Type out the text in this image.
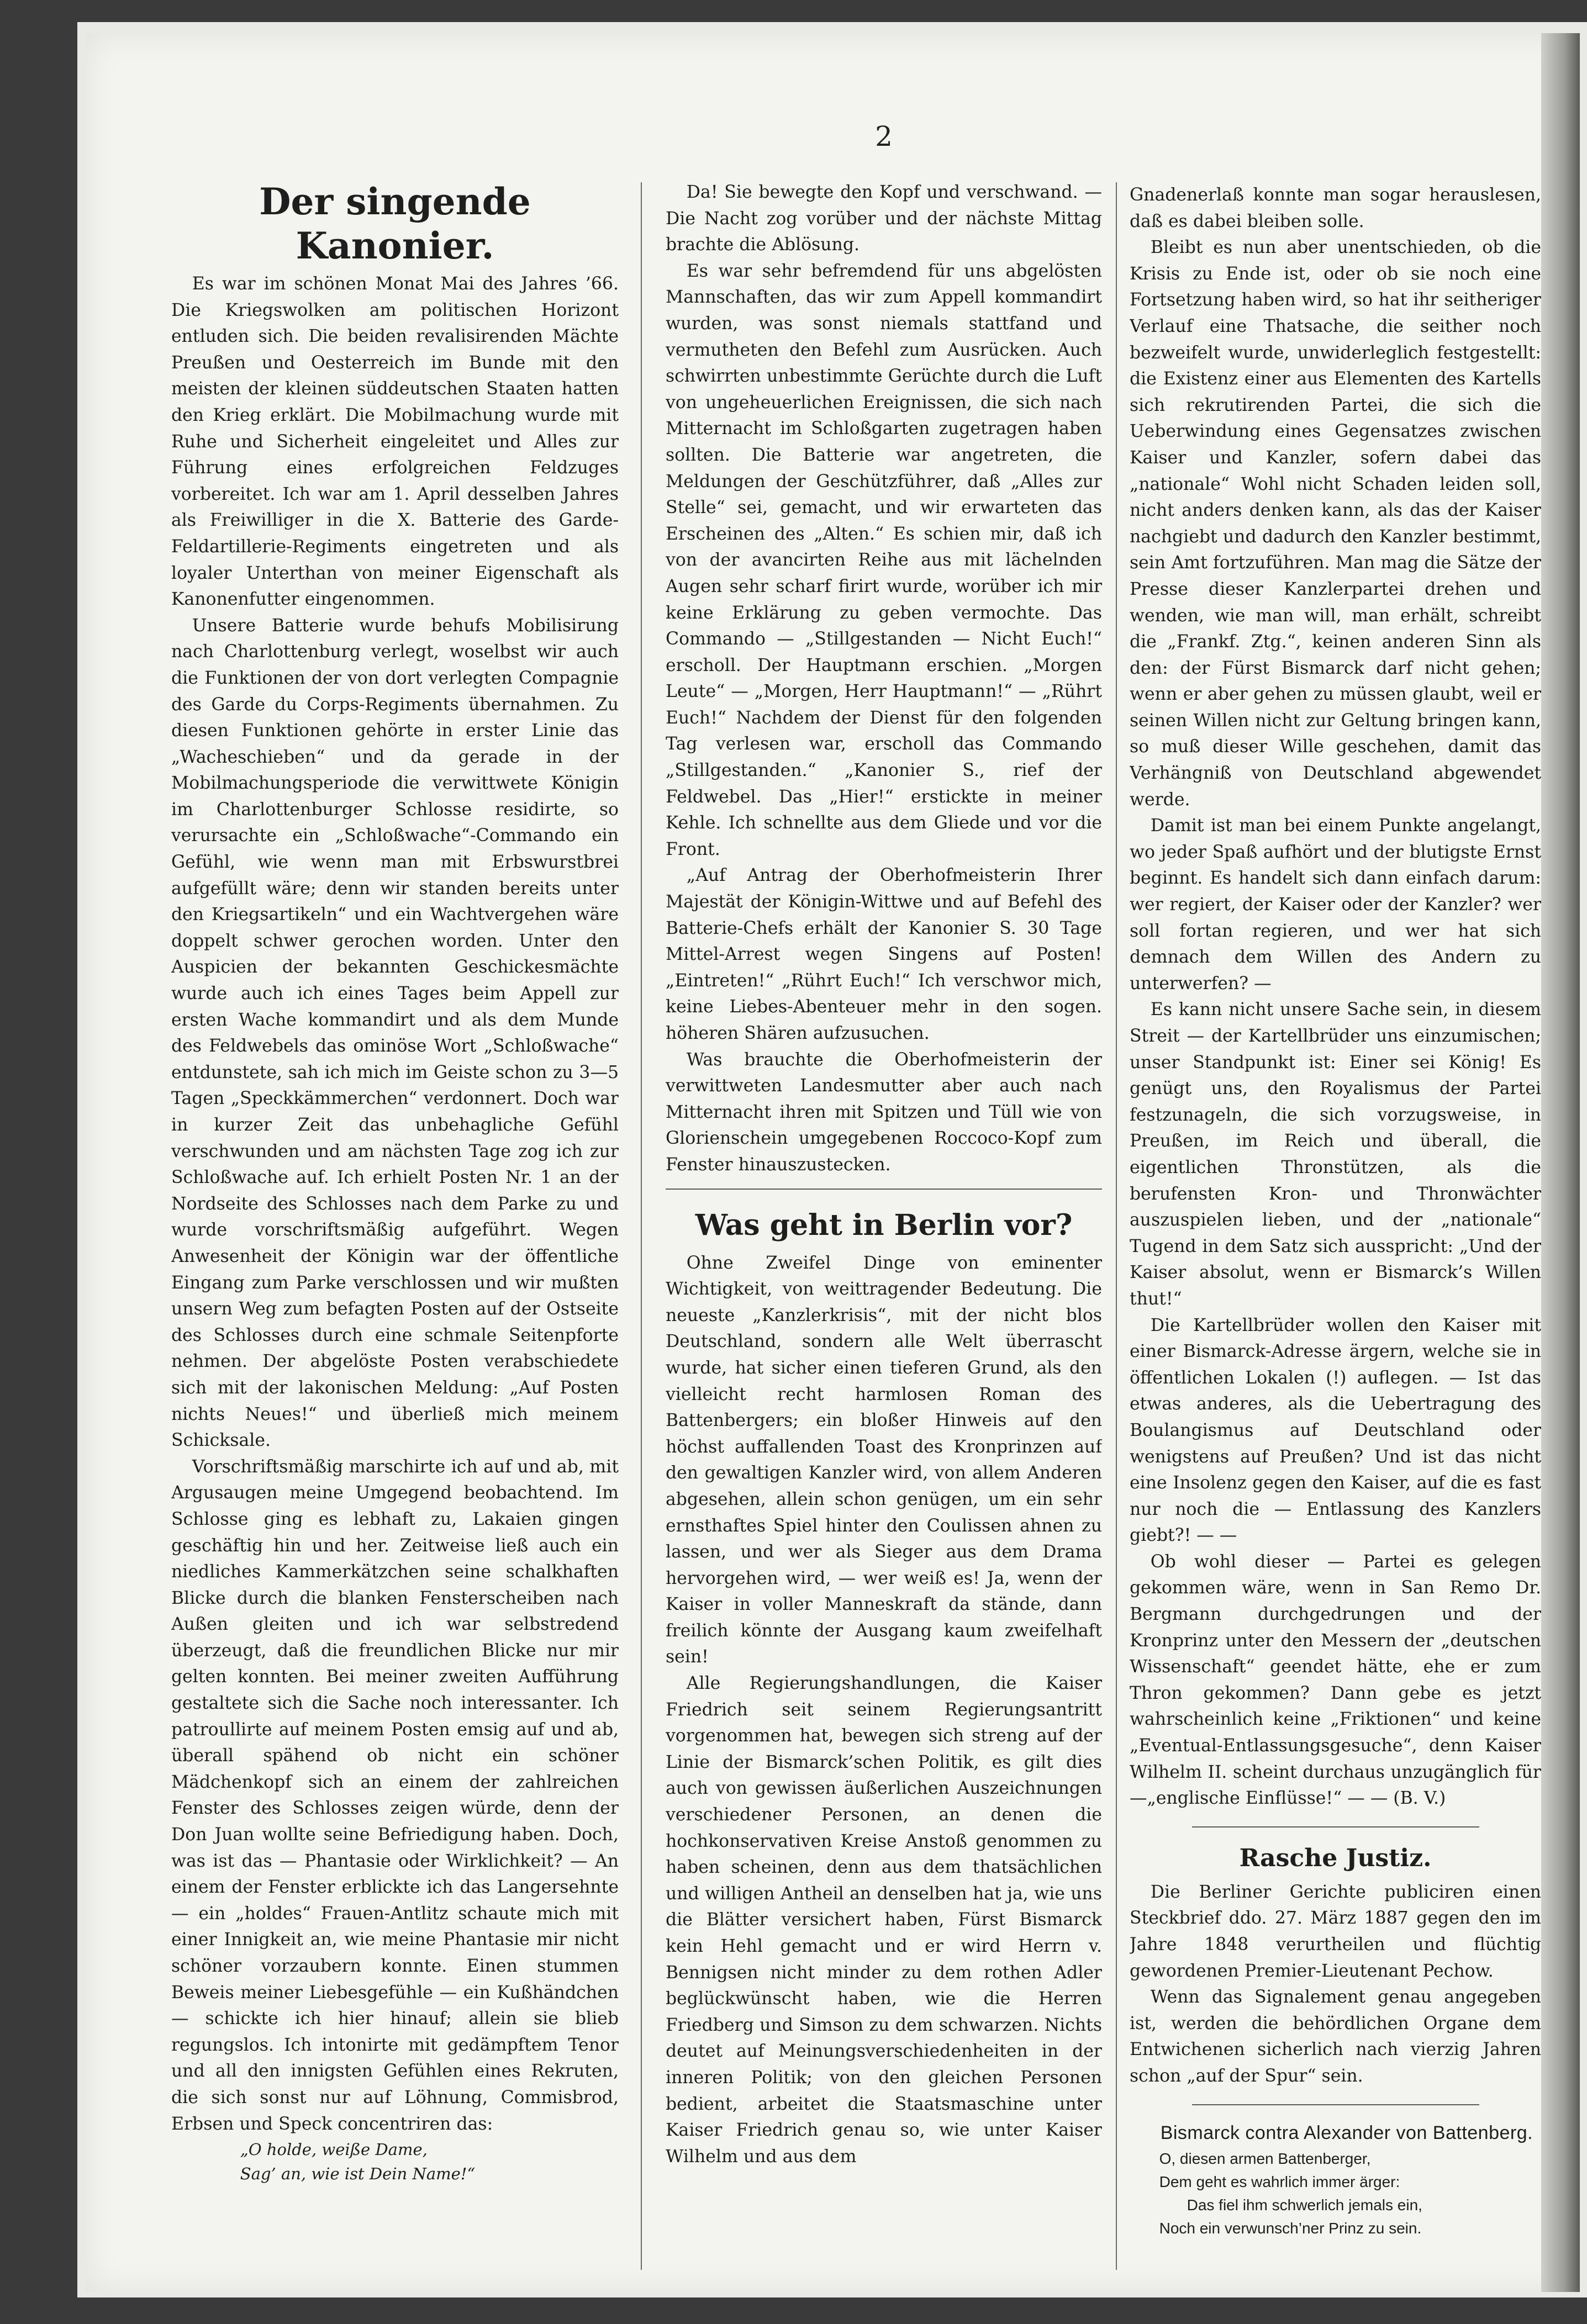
2
Der singende Kanonier.

Es war im schönen Monat Mai des Jahres ’66. Die Kriegswolken am politischen Horizont entluden sich. Die beiden revalisirenden Mächte Preußen und Oesterreich im Bunde mit den meisten der kleinen süddeutschen Staaten hatten den Krieg erklärt. Die Mobilmachung wurde mit Ruhe und Sicherheit eingeleitet und Alles zur Führung eines erfolgreichen Feldzuges vorbereitet. Ich war am 1. April desselben Jahres als Freiwilliger in die X. Batterie des Garde-Feldartillerie-Regiments eingetreten und als loyaler Unterthan von meiner Eigenschaft als Kanonenfutter eingenommen.

Unsere Batterie wurde behufs Mobilisirung nach Charlottenburg verlegt, woselbst wir auch die Funktionen der von dort verlegten Compagnie des Garde du Corps-Regiments übernahmen. Zu diesen Funktionen gehörte in erster Linie das „Wacheschieben“ und da gerade in der Mobilmachungsperiode die verwittwete Königin im Charlottenburger Schlosse residirte, so verursachte ein „Schloßwache“-Commando ein Gefühl, wie wenn man mit Erbswurstbrei aufgefüllt wäre; denn wir standen bereits unter den Kriegsartikeln“ und ein Wachtvergehen wäre doppelt schwer gerochen worden. Unter den Auspicien der bekannten Geschickesmächte wurde auch ich eines Tages beim Appell zur ersten Wache kommandirt und als dem Munde des Feldwebels das ominöse Wort „Schloßwache“ entdunstete, sah ich mich im Geiste schon zu 3—5 Tagen „Speckkämmerchen“ verdonnert. Doch war in kurzer Zeit das unbehagliche Gefühl verschwunden und am nächsten Tage zog ich zur Schloßwache auf. Ich erhielt Posten Nr. 1 an der Nordseite des Schlosses nach dem Parke zu und wurde vorschriftsmäßig aufgeführt. Wegen Anwesenheit der Königin war der öffentliche Eingang zum Parke verschlossen und wir mußten unsern Weg zum befagten Posten auf der Ostseite des Schlosses durch eine schmale Seitenpforte nehmen. Der abgelöste Posten verabschiedete sich mit der lakonischen Meldung: „Auf Posten nichts Neues!“ und überließ mich meinem Schicksale.

Vorschriftsmäßig marschirte ich auf und ab, mit Argusaugen meine Umgegend beobachtend. Im Schlosse ging es lebhaft zu, Lakaien gingen geschäftig hin und her. Zeitweise ließ auch ein niedliches Kammerkätzchen seine schalkhaften Blicke durch die blanken Fensterscheiben nach Außen gleiten und ich war selbstredend überzeugt, daß die freundlichen Blicke nur mir gelten konnten. Bei meiner zweiten Aufführung gestaltete sich die Sache noch interessanter. Ich patroullirte auf meinem Posten emsig auf und ab, überall spähend ob nicht ein schöner Mädchenkopf sich an einem der zahlreichen Fenster des Schlosses zeigen würde, denn der Don Juan wollte seine Befriedigung haben. Doch, was ist das — Phantasie oder Wirklichkeit? — An einem der Fenster erblickte ich das Langersehnte — ein „holdes“ Frauen-Antlitz schaute mich mit einer Innigkeit an, wie meine Phantasie mir nicht schöner vorzaubern konnte. Einen stummen Beweis meiner Liebesgefühle — ein Kußhändchen — schickte ich hier hinauf; allein sie blieb regungslos. Ich intonirte mit gedämpftem Tenor und all den innigsten Gefühlen eines Rekruten, die sich sonst nur auf Löhnung, Commisbrod, Erbsen und Speck concentriren das:

„O holde, weiße Dame,

Sag’ an, wie ist Dein Name!“

Da! Sie bewegte den Kopf und verschwand. — Die Nacht zog vorüber und der nächste Mittag brachte die Ablösung.

Es war sehr befremdend für uns abgelösten Mannschaften, das wir zum Appell kommandirt wurden, was sonst niemals stattfand und vermutheten den Befehl zum Ausrücken. Auch schwirrten unbestimmte Gerüchte durch die Luft von ungeheuerlichen Ereignissen, die sich nach Mitternacht im Schloßgarten zugetragen haben sollten. Die Batterie war angetreten, die Meldungen der Geschützführer, daß „Alles zur Stelle“ sei, gemacht, und wir erwarteten das Erscheinen des „Alten.“ Es schien mir, daß ich von der avancirten Reihe aus mit lächelnden Augen sehr scharf firirt wurde, worüber ich mir keine Erklärung zu geben vermochte. Das Commando — „Stillgestanden — Nicht Euch!“ erscholl. Der Hauptmann erschien. „Morgen Leute“ — „Morgen, Herr Hauptmann!“ — „Rührt Euch!“ Nachdem der Dienst für den folgenden Tag verlesen war, erscholl das Commando „Stillgestanden.“ „Kanonier S., rief der Feldwebel. Das „Hier!“ erstickte in meiner Kehle. Ich schnellte aus dem Gliede und vor die Front.

„Auf Antrag der Oberhofmeisterin Ihrer Majestät der Königin-Wittwe und auf Befehl des Batterie-Chefs erhält der Kanonier S. 30 Tage Mittel-Arrest wegen Singens auf Posten! „Eintreten!“ „Rührt Euch!“ Ich verschwor mich, keine Liebes-Abenteuer mehr in den sogen. höheren Shären aufzusuchen.

Was brauchte die Oberhofmeisterin der verwittweten Landesmutter aber auch nach Mitternacht ihren mit Spitzen und Tüll wie von Glorienschein umgegebenen Roccoco-Kopf zum Fenster hinauszustecken.

Was geht in Berlin vor?

Ohne Zweifel Dinge von eminenter Wichtigkeit, von weittragender Bedeutung. Die neueste „Kanzlerkrisis“, mit der nicht blos Deutschland, sondern alle Welt überrascht wurde, hat sicher einen tieferen Grund, als den vielleicht recht harmlosen Roman des Battenbergers; ein bloßer Hinweis auf den höchst auffallenden Toast des Kronprinzen auf den gewaltigen Kanzler wird, von allem Anderen abgesehen, allein schon genügen, um ein sehr ernsthaftes Spiel hinter den Coulissen ahnen zu lassen, und wer als Sieger aus dem Drama hervorgehen wird, — wer weiß es! Ja, wenn der Kaiser in voller Manneskraft da stände, dann freilich könnte der Ausgang kaum zweifelhaft sein!

Alle Regierungshandlungen, die Kaiser Friedrich seit seinem Regierungsantritt vorgenommen hat, bewegen sich streng auf der Linie der Bismarck’schen Politik, es gilt dies auch von gewissen äußerlichen Auszeichnungen verschiedener Personen, an denen die hochkonservativen Kreise Anstoß genommen zu haben scheinen, denn aus dem thatsächlichen und willigen Antheil an denselben hat ja, wie uns die Blätter versichert haben, Fürst Bismarck kein Hehl gemacht und er wird Herrn v. Bennigsen nicht minder zu dem rothen Adler beglückwünscht haben, wie die Herren Friedberg und Simson zu dem schwarzen. Nichts deutet auf Meinungsverschiedenheiten in der inneren Politik; von den gleichen Personen bedient, arbeitet die Staatsmaschine unter Kaiser Friedrich genau so, wie unter Kaiser Wilhelm und aus dem

Gnadenerlaß konnte man sogar herauslesen, daß es dabei bleiben solle.

Bleibt es nun aber unentschieden, ob die Krisis zu Ende ist, oder ob sie noch eine Fortsetzung haben wird, so hat ihr seitheriger Verlauf eine Thatsache, die seither noch bezweifelt wurde, unwiderleglich festgestellt: die Existenz einer aus Elementen des Kartells sich rekrutirenden Partei, die sich die Ueberwindung eines Gegensatzes zwischen Kaiser und Kanzler, sofern dabei das „nationale“ Wohl nicht Schaden leiden soll, nicht anders denken kann, als das der Kaiser nachgiebt und dadurch den Kanzler bestimmt, sein Amt fortzuführen. Man mag die Sätze der Presse dieser Kanzlerpartei drehen und wenden, wie man will, man erhält, schreibt die „Frankf. Ztg.“, keinen anderen Sinn als den: der Fürst Bismarck darf nicht gehen; wenn er aber gehen zu müssen glaubt, weil er seinen Willen nicht zur Geltung bringen kann, so muß dieser Wille geschehen, damit das Verhängniß von Deutschland abgewendet werde.

Damit ist man bei einem Punkte angelangt, wo jeder Spaß aufhört und der blutigste Ernst beginnt. Es handelt sich dann einfach darum: wer regiert, der Kaiser oder der Kanzler? wer soll fortan regieren, und wer hat sich demnach dem Willen des Andern zu unterwerfen? —

Es kann nicht unsere Sache sein, in diesem Streit — der Kartellbrüder uns einzumischen; unser Standpunkt ist: Einer sei König! Es genügt uns, den Royalismus der Partei festzunageln, die sich vorzugsweise, in Preußen, im Reich und überall, die eigentlichen Thronstützen, als die berufensten Kron- und Thronwächter auszuspielen lieben, und der „nationale“ Tugend in dem Satz sich ausspricht: „Und der Kaiser absolut, wenn er Bismarck’s Willen thut!“

Die Kartellbrüder wollen den Kaiser mit einer Bismarck-Adresse ärgern, welche sie in öffentlichen Lokalen (!) auflegen. — Ist das etwas anderes, als die Uebertragung des Boulangismus auf Deutschland oder wenigstens auf Preußen? Und ist das nicht eine Insolenz gegen den Kaiser, auf die es fast nur noch die — Entlassung des Kanzlers giebt?! — —

Ob wohl dieser — Partei es gelegen gekommen wäre, wenn in San Remo Dr. Bergmann durchgedrungen und der Kronprinz unter den Messern der „deutschen Wissenschaft“ geendet hätte, ehe er zum Thron gekommen? Dann gebe es jetzt wahrscheinlich keine „Friktionen“ und keine „Eventual-Entlassungsgesuche“, denn Kaiser Wilhelm II. scheint durchaus unzugänglich für —„englische Einflüsse!“ — — (B. V.)

Rasche Justiz.

Die Berliner Gerichte publiciren einen Steckbrief ddo. 27. März 1887 gegen den im Jahre 1848 verurtheilen und flüchtig gewordenen Premier-Lieutenant Pechow.

Wenn das Signalement genau angegeben ist, werden die behördlichen Organe dem Entwichenen sicherlich nach vierzig Jahren schon „auf der Spur“ sein.

Bismarck contra Alexander von Battenberg.

O, diesen armen Battenberger,

Dem geht es wahrlich immer ärger:

Das fiel ihm schwerlich jemals ein,

Noch ein verwunsch’ner Prinz zu sein.
